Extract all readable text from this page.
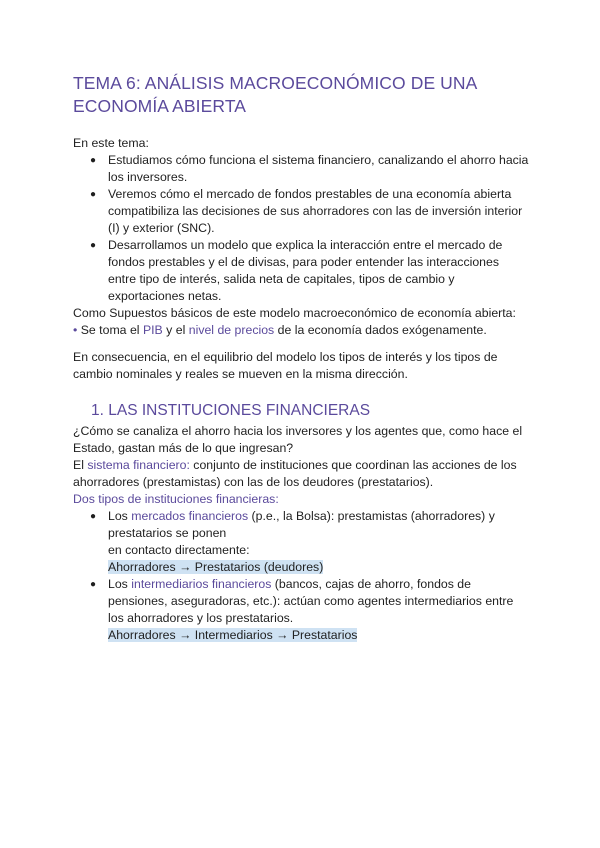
TEMA 6: ANÁLISIS MACROECONÓMICO DE UNA ECONOMÍA ABIERTA

En este tema:

● Estudiamos cómo funciona el sistema financiero, canalizando el ahorro hacia los inversores.
● Veremos cómo el mercado de fondos prestables de una economía abierta compatibiliza las decisiones de sus ahorradores con las de inversión interior (I) y exterior (SNC).
● Desarrollamos un modelo que explica la interacción entre el mercado de fondos prestables y el de divisas, para poder entender las interacciones entre tipo de interés, salida neta de capitales, tipos de cambio y exportaciones netas.

Como Supuestos básicos de este modelo macroeconómico de economía abierta:

• Se toma el PIB y el nivel de precios de la economía dados exógenamente.

En consecuencia, en el equilibrio del modelo los tipos de interés y los tipos de cambio nominales y reales se mueven en la misma dirección.

1. LAS INSTITUCIONES FINANCIERAS

¿Cómo se canaliza el ahorro hacia los inversores y los agentes que, como hace el Estado, gastan más de lo que ingresan?

El sistema financiero: conjunto de instituciones que coordinan las acciones de los ahorradores (prestamistas) con las de los deudores (prestatarios).

Dos tipos de instituciones financieras:

● Los mercados financieros (p.e., la Bolsa): prestamistas (ahorradores) y prestatarios se ponen
en contacto directamente:
Ahorradores → Prestatarios (deudores)
● Los intermediarios financieros (bancos, cajas de ahorro, fondos de pensiones, aseguradoras, etc.): actúan como agentes intermediarios entre los ahorradores y los prestatarios.
Ahorradores → Intermediarios → Prestatarios
